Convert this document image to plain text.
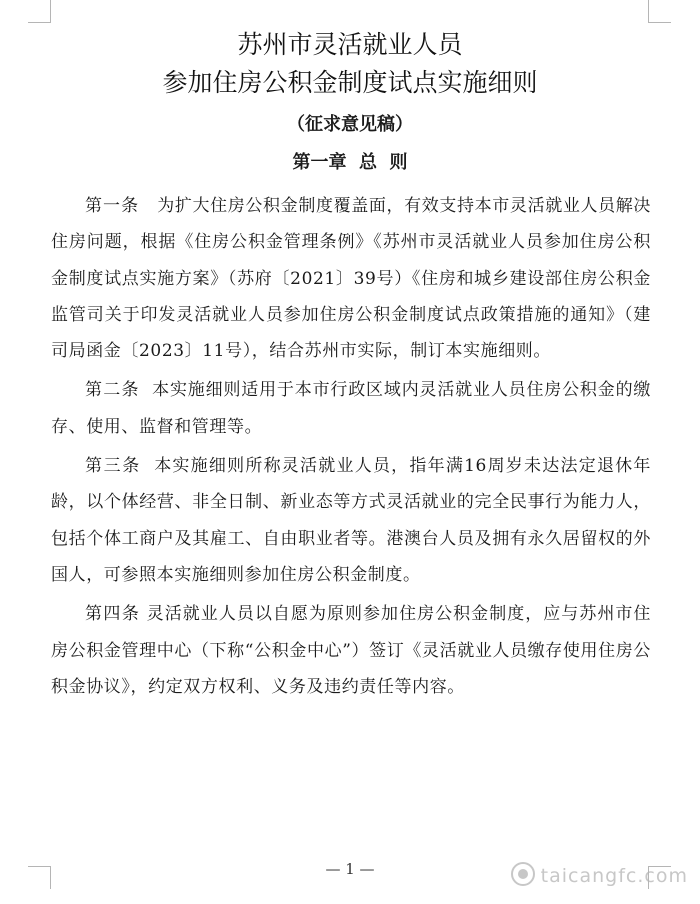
苏州市灵活就业人员
参加住房公积金制度试点实施细则
（征求意见稿）
第一章  总  则

第一条 为扩大住房公积金制度覆盖面，有效支持本市灵活就业人员解决住房问题，根据《住房公积金管理条例》《苏州市灵活就业人员参加住房公积金制度试点实施方案》（苏府〔2021〕39号）《住房和城乡建设部住房公积金监管司关于印发灵活就业人员参加住房公积金制度试点政策措施的通知》（建司局函金〔2023〕11号），结合苏州市实际，制订本实施细则。

第二条 本实施细则适用于本市行政区域内灵活就业人员住房公积金的缴存、使用、监督和管理等。

第三条 本实施细则所称灵活就业人员，指年满16周岁未达法定退休年龄，以个体经营、非全日制、新业态等方式灵活就业的完全民事行为能力人，包括个体工商户及其雇工、自由职业者等。港澳台人员及拥有永久居留权的外国人，可参照本实施细则参加住房公积金制度。

第四条 灵活就业人员以自愿为原则参加住房公积金制度，应与苏州市住房公积金管理中心（下称“公积金中心”）签订《灵活就业人员缴存使用住房公积金协议》，约定双方权利、义务及违约责任等内容。

— 1 —	taicangfc.com
